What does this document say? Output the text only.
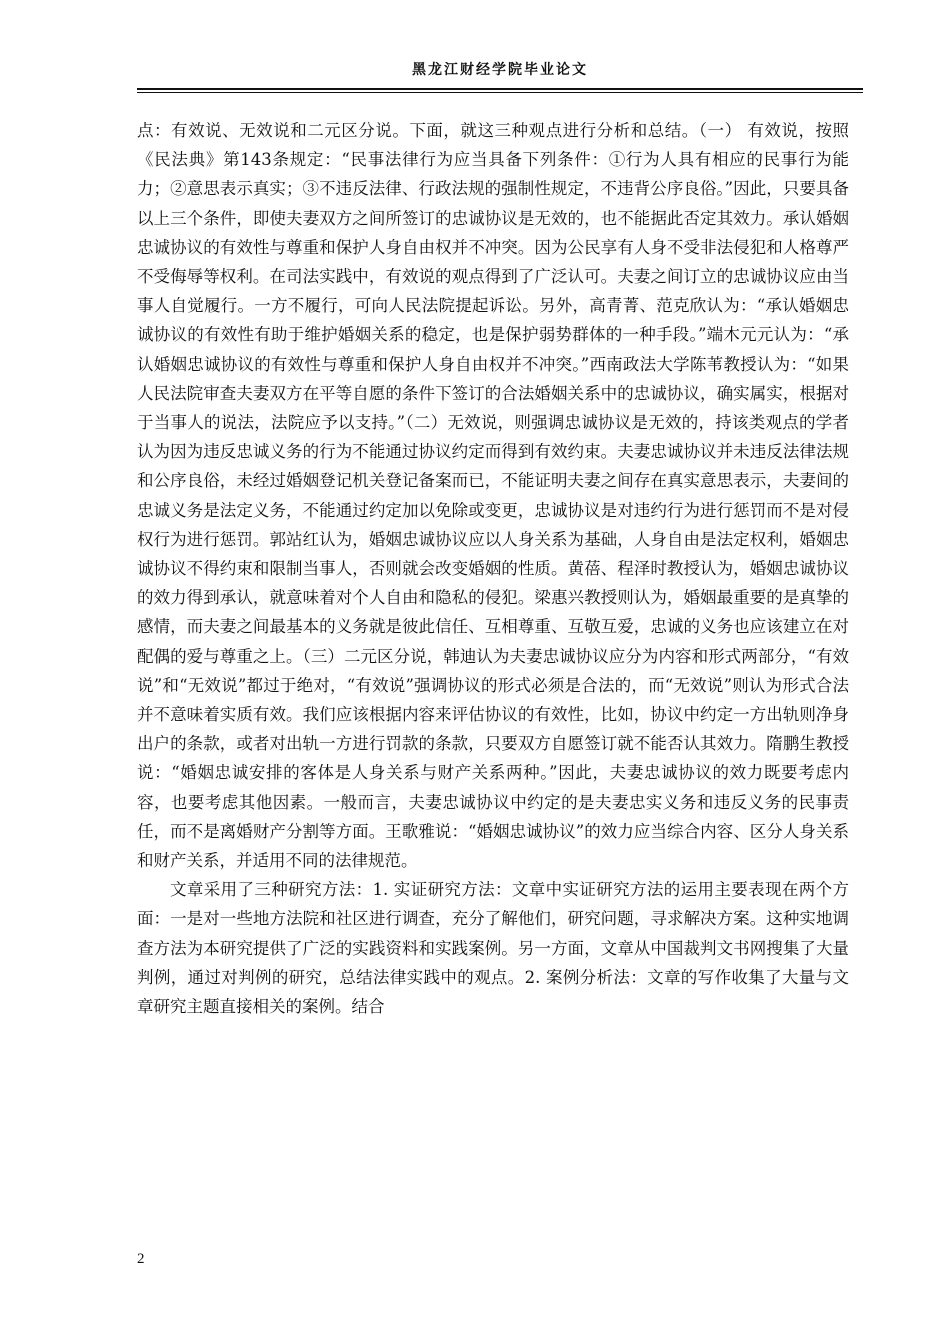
黑龙江财经学院毕业论文

点：有效说、无效说和二元区分说。下面，就这三种观点进行分析和总结。（一） 有效说，按照《民法典》第143条规定：“民事法律行为应当具备下列条件：①行为人具有相应的民事行为能力；②意思表示真实；③不违反法律、行政法规的强制性规定，不违背公序良俗。”因此，只要具备以上三个条件，即使夫妻双方之间所签订的忠诚协议是无效的，也不能据此否定其效力。承认婚姻忠诚协议的有效性与尊重和保护人身自由权并不冲突。因为公民享有人身不受非法侵犯和人格尊严不受侮辱等权利。在司法实践中，有效说的观点得到了广泛认可。夫妻之间订立的忠诚协议应由当事人自觉履行。一方不履行，可向人民法院提起诉讼。另外，高青菁、范克欣认为：“承认婚姻忠诚协议的有效性有助于维护婚姻关系的稳定，也是保护弱势群体的一种手段。”端木元元认为：“承认婚姻忠诚协议的有效性与尊重和保护人身自由权并不冲突。”西南政法大学陈苇教授认为：“如果人民法院审查夫妻双方在平等自愿的条件下签订的合法婚姻关系中的忠诚协议，确实属实，根据对于当事人的说法，法院应予以支持。”（二）无效说，则强调忠诚协议是无效的，持该类观点的学者认为因为违反忠诚义务的行为不能通过协议约定而得到有效约束。夫妻忠诚协议并未违反法律法规和公序良俗，未经过婚姻登记机关登记备案而已，不能证明夫妻之间存在真实意思表示，夫妻间的忠诚义务是法定义务，不能通过约定加以免除或变更，忠诚协议是对违约行为进行惩罚而不是对侵权行为进行惩罚。郭站红认为，婚姻忠诚协议应以人身关系为基础，人身自由是法定权利，婚姻忠诚协议不得约束和限制当事人，否则就会改变婚姻的性质。黄蓓、程泽时教授认为，婚姻忠诚协议的效力得到承认，就意味着对个人自由和隐私的侵犯。梁惠兴教授则认为，婚姻最重要的是真挚的感情，而夫妻之间最基本的义务就是彼此信任、互相尊重、互敬互爱，忠诚的义务也应该建立在对配偶的爱与尊重之上。（三）二元区分说，韩迪认为夫妻忠诚协议应分为内容和形式两部分，“有效说”和“无效说”都过于绝对，“有效说”强调协议的形式必须是合法的，而“无效说”则认为形式合法并不意味着实质有效。我们应该根据内容来评估协议的有效性，比如，协议中约定一方出轨则净身出户的条款，或者对出轨一方进行罚款的条款，只要双方自愿签订就不能否认其效力。隋鹏生教授说：“婚姻忠诚安排的客体是人身关系与财产关系两种。”因此，夫妻忠诚协议的效力既要考虑内容，也要考虑其他因素。一般而言，夫妻忠诚协议中约定的是夫妻忠实义务和违反义务的民事责任，而不是离婚财产分割等方面。王歌雅说：“婚姻忠诚协议”的效力应当综合内容、区分人身关系和财产关系，并适用不同的法律规范。

文章采用了三种研究方法：1. 实证研究方法：文章中实证研究方法的运用主要表现在两个方面：一是对一些地方法院和社区进行调查，充分了解他们，研究问题，寻求解决方案。这种实地调查方法为本研究提供了广泛的实践资料和实践案例。另一方面，文章从中国裁判文书网搜集了大量判例，通过对判例的研究，总结法律实践中的观点。2. 案例分析法：文章的写作收集了大量与文章研究主题直接相关的案例。结合

2
